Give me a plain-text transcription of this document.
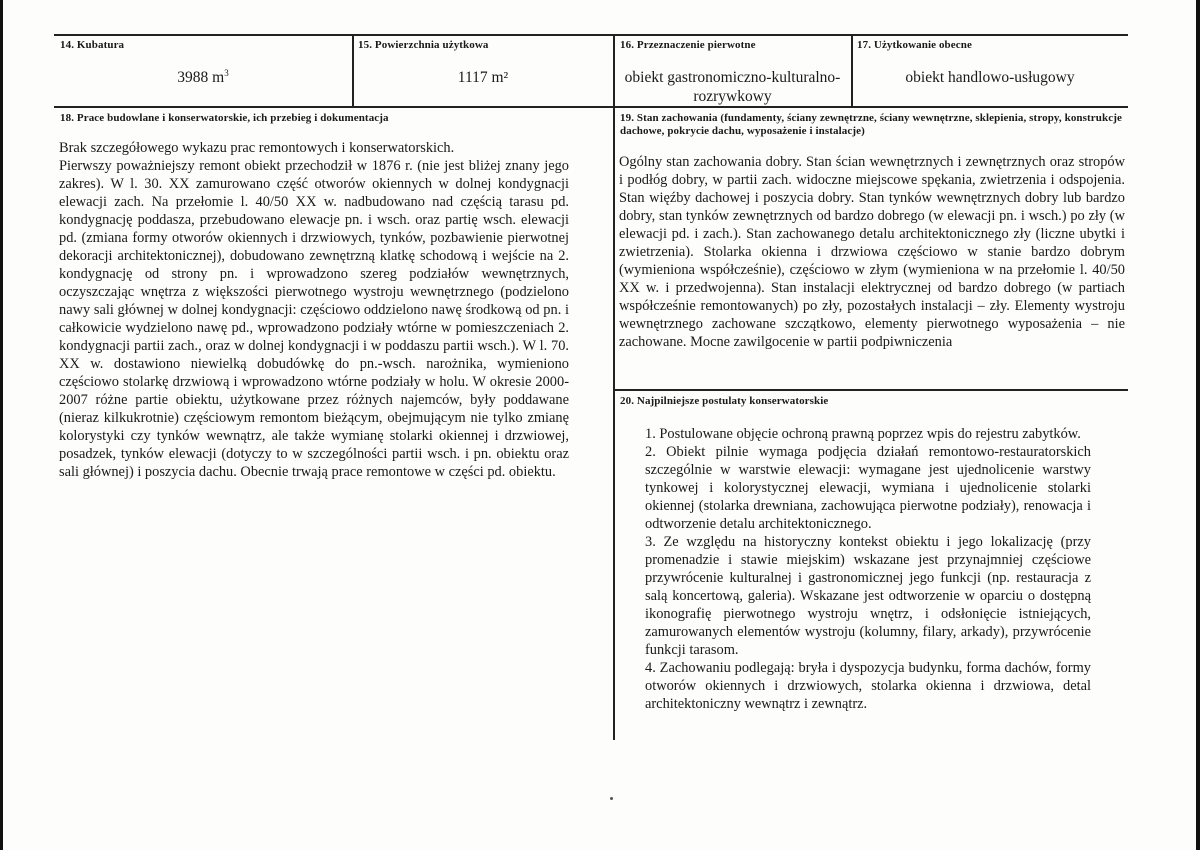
14. Kubatura
3988 $m^3$
15. Powierzchnia użytkowa
1117 m²
16. Przeznaczenie pierwotne
obiekt gastronomiczno-kulturalno-
rozrywkowy
17. Użytkowanie obecne
obiekt handlowo-usługowy
18. Prace budowlane i konserwatorskie, ich przebieg i dokumentacja

Brak szczegółowego wykazu prac remontowych i konserwatorskich.

Pierwszy poważniejszy remont obiekt przechodził w 1876 r. (nie jest bliżej znany jego zakres). W l. 30. XX zamurowano część otworów okiennych w dolnej kondygnacji elewacji zach. Na przełomie l. 40/50 XX w. nadbudowano nad częścią tarasu pd. kondygnację poddasza, przebudowano elewacje pn. i wsch. oraz partię wsch. elewacji pd. (zmiana formy otworów okiennych i drzwiowych, tynków, pozbawienie pierwotnej dekoracji architektonicznej), dobudowano zewnętrzną klatkę schodową i wejście na 2. kondygnację od strony pn. i wprowadzono szereg podziałów wewnętrznych, oczyszczając wnętrza z większości pierwotnego wystroju wewnętrznego (podzielono nawy sali głównej w dolnej kondygnacji: częściowo oddzielono nawę środkową od pn. i całkowicie wydzielono nawę pd., wprowadzono podziały wtórne w pomieszczeniach 2. kondygnacji partii zach., oraz w dolnej kondygnacji i w poddaszu partii wsch.). W l. 70. XX w. dostawiono niewielką dobudówkę do pn.-wsch. narożnika, wymieniono częściowo stolarkę drzwiową i wprowadzono wtórne podziały w holu. W okresie 2000-2007 różne partie obiektu, użytkowane przez różnych najemców, były poddawane (nieraz kilkukrotnie) częściowym remontom bieżącym, obejmującym nie tylko zmianę kolorystyki czy tynków wewnątrz, ale także wymianę stolarki okiennej i drzwiowej, posadzek, tynków elewacji (dotyczy to w szczególności partii wsch. i pn. obiektu oraz sali głównej) i poszycia dachu. Obecnie trwają prace remontowe w części pd. obiektu.

19. Stan zachowania (fundamenty, ściany zewnętrzne, ściany wewnętrzne, sklepienia, stropy, konstrukcje dachowe, pokrycie dachu, wyposażenie i instalacje)

Ogólny stan zachowania dobry. Stan ścian wewnętrznych i zewnętrznych oraz stropów i podłóg dobry, w partii zach. widoczne miejscowe spękania, zwietrzenia i odspojenia. Stan więźby dachowej i poszycia dobry. Stan tynków wewnętrznych dobry lub bardzo dobry, stan tynków zewnętrznych od bardzo dobrego (w elewacji pn. i wsch.) po zły (w elewacji pd. i zach.). Stan zachowanego detalu architektonicznego zły (liczne ubytki i zwietrzenia). Stolarka okienna i drzwiowa częściowo w stanie bardzo dobrym (wymieniona współcześnie), częściowo w złym (wymieniona w na przełomie l. 40/50 XX w. i przedwojenna). Stan instalacji elektrycznej od bardzo dobrego (w partiach współcześnie remontowanych) po zły, pozostałych instalacji – zły. Elementy wystroju wewnętrznego zachowane szczątkowo, elementy pierwotnego wyposażenia – nie zachowane. Mocne zawilgocenie w partii podpiwniczenia

20. Najpilniejsze postulaty konserwatorskie

1. Postulowane objęcie ochroną prawną poprzez wpis do rejestru zabytków.

2. Obiekt pilnie wymaga podjęcia działań remontowo-restauratorskich szczególnie w warstwie elewacji: wymagane jest ujednolicenie warstwy tynkowej i kolorystycznej elewacji, wymiana i ujednolicenie stolarki okiennej (stolarka drewniana, zachowująca pierwotne podziały), renowacja i odtworzenie detalu architektonicznego.

3. Ze względu na historyczny kontekst obiektu i jego lokalizację (przy promenadzie i stawie miejskim) wskazane jest przynajmniej częściowe przywrócenie kulturalnej i gastronomicznej jego funkcji (np. restauracja z salą koncertową, galeria). Wskazane jest odtworzenie w oparciu o dostępną ikonografię pierwotnego wystroju wnętrz, i odsłonięcie istniejących, zamurowanych elementów wystroju (kolumny, filary, arkady), przywrócenie funkcji tarasom.

4. Zachowaniu podlegają: bryła i dyspozycja budynku, forma dachów, formy otworów okiennych i drzwiowych, stolarka okienna i drzwiowa, detal architektoniczny wewnątrz i zewnątrz.
